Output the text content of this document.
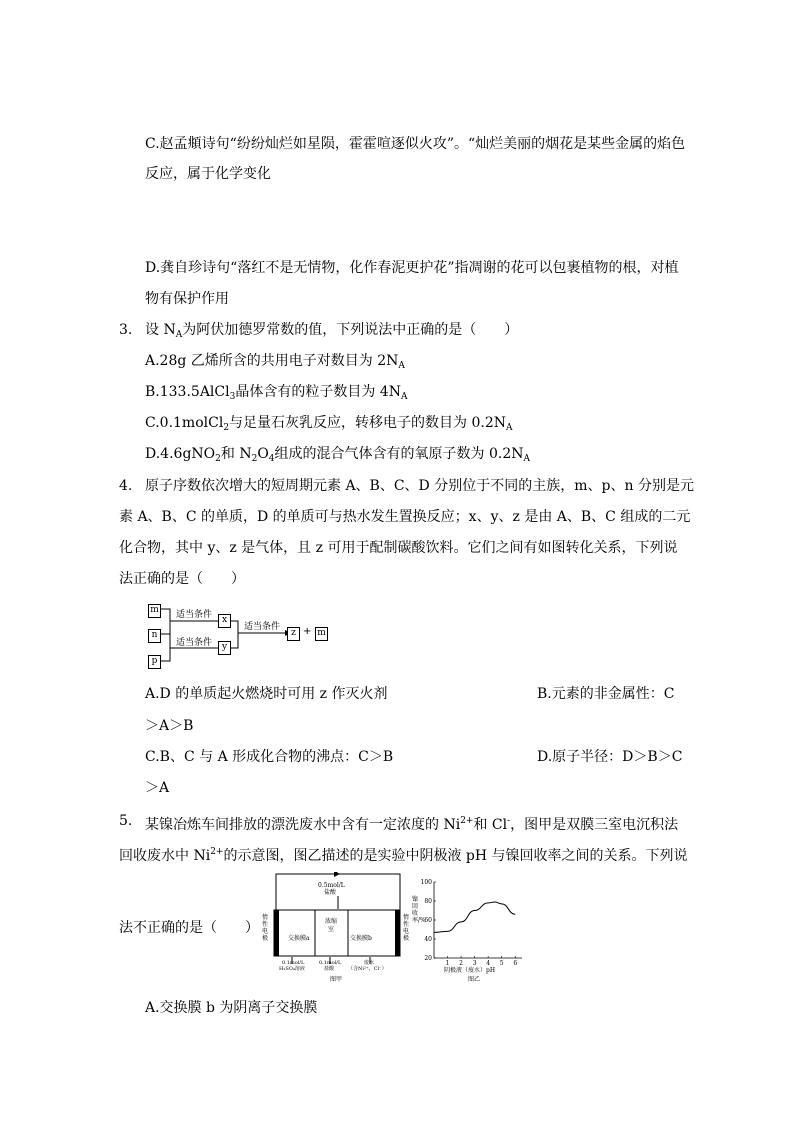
C.赵孟頫诗句“纷纷灿烂如星陨，霍霍喧逐似火攻”。“灿烂美丽的烟花是某些金属的焰色
反应，属于化学变化
D.龚自珍诗句“落红不是无情物，化作春泥更护花”指凋谢的花可以包裹植物的根，对植
物有保护作用
3. 设 $N_A$为阿伏加德罗常数的值，下列说法中正确的是（　　）
A.28g 乙烯所含的共用电子对数目为 $2N_A$
B.133.5AlCl$_3$晶体含有的粒子数目为 $4N_A$
C.0.1molCl$_2$与足量石灰乳反应，转移电子的数目为 $0.2N_A$
D.4.6gNO$_2$和 $N_2O_4$组成的混合气体含有的氧原子数为 $0.2N_A$
4. 原子序数依次增大的短周期元素 A、B、C、D 分别位于不同的主族，m、p、n 分别是元
素 A、B、C 的单质，D 的单质可与热水发生置换反应；x、y、z 是由 A、B、C 组成的二元
化合物，其中 y、z 是气体，且 z 可用于配制碳酸饮料。它们之间有如图转化关系，下列说
法正确的是（　　）
m
n
p
x
y
z + m
适当条件
适当条件
适当条件
A.D 的单质起火燃烧时可用 z 作灭火剂	B.元素的非金属性：C
＞A＞B
C.B、C 与 A 形成化合物的沸点：C＞B	D.原子半径：D＞B＞C
＞A
5. 某镍冶炼车间排放的漂洗废水中含有一定浓度的 $Ni^{2+}$和 Cl-，图甲是双膜三室电沉积法
回收废水中 $Ni^{2+}$的示意图，图乙描述的是实验中阴极液 pH 与镍回收率之间的关系。下列说
法不正确的是（　　）
0.5mol/L
盐酸
惰性电极
惰性电极
交换膜a	交换膜b
浓缩
室
0.1mol/L
H₂SO₄溶液
0.1mol/L
盐酸
废水
（含Ni²⁺、Cl⁻）
图甲
100
80
60
40
20
1 2 3 4 5 6
镍回收率/%
阴极液（废水）pH
图乙
A.交换膜 b 为阴离子交换膜
